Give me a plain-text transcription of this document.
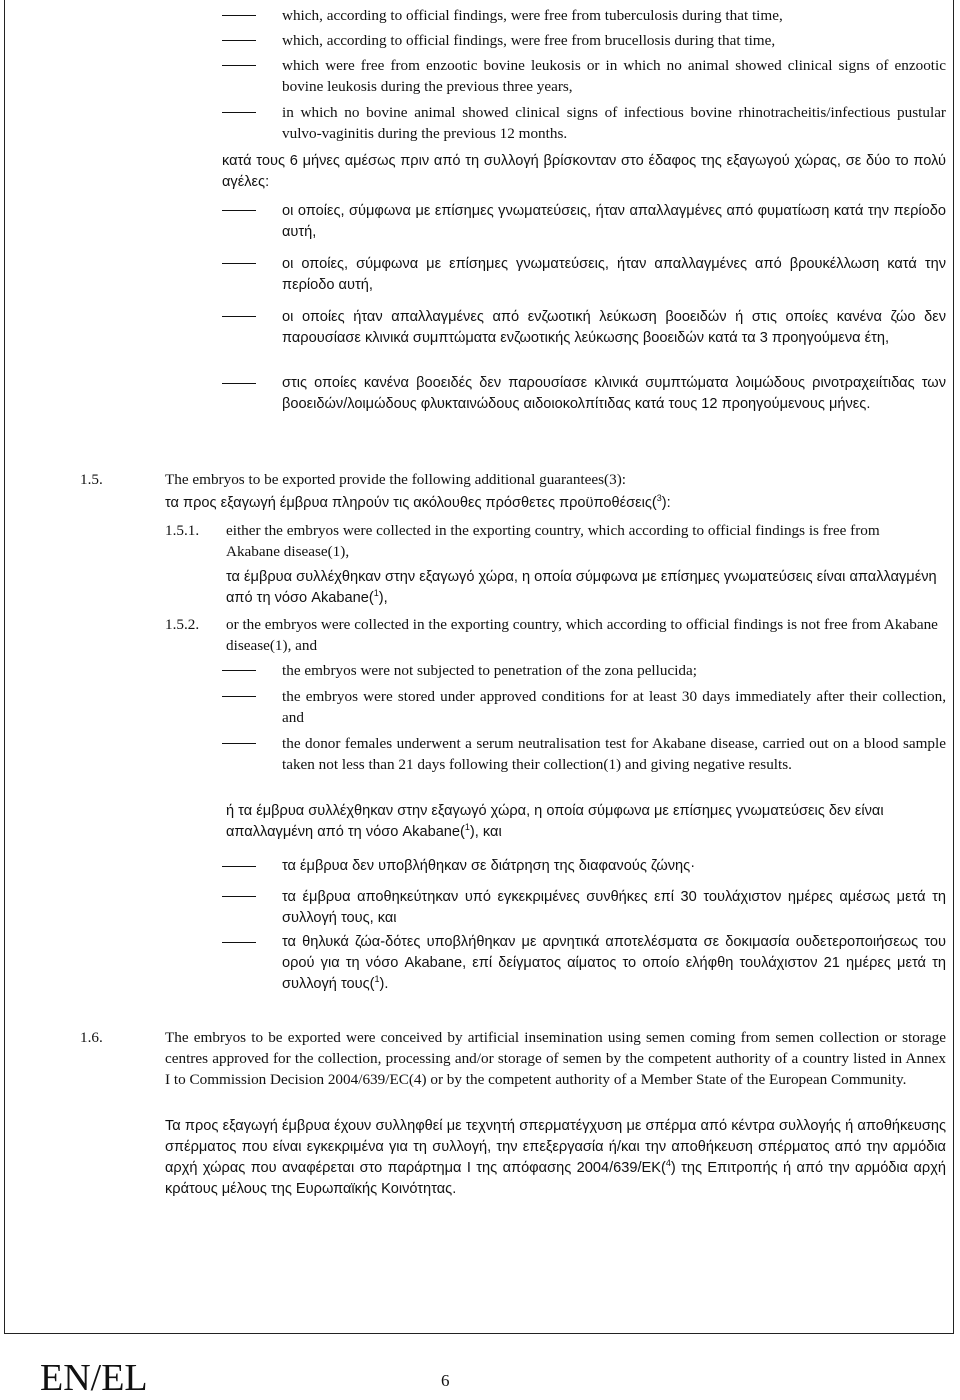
which, according to official findings, were free from tuberculosis during that time,
which, according to official findings, were free from brucellosis during that time,
which were free from enzootic bovine leukosis or in which no animal showed clinical signs of enzootic bovine leukosis during the previous three years,
in which no bovine animal showed clinical signs of infectious bovine rhinotracheitis/infectious pustular vulvo-vaginitis during the previous 12 months.
κατά τους 6 μήνες αμέσως πριν από τη συλλογή βρίσκονταν στο έδαφος της εξαγωγού χώρας, σε δύο το πολύ αγέλες:
οι οποίες, σύμφωνα με επίσημες γνωματεύσεις, ήταν απαλλαγμένες από φυματίωση κατά την περίοδο αυτή,
οι οποίες, σύμφωνα με επίσημες γνωματεύσεις, ήταν απαλλαγμένες από βρουκέλλωση κατά την περίοδο αυτή,
οι οποίες ήταν απαλλαγμένες από ενζωοτική λεύκωση βοοειδών ή στις οποίες κανένα ζώο δεν παρουσίασε κλινικά συμπτώματα ενζωοτικής λεύκωσης βοοειδών κατά τα 3 προηγούμενα έτη,
στις οποίες κανένα βοοειδές δεν παρουσίασε κλινικά συμπτώματα λοιμώδους ρινοτραχειίτιδας των βοοειδών/λοιμώδους φλυκταινώδους αιδοιοκολπίτιδας κατά τους 12 προηγούμενους μήνες.
1.5.	The embryos to be exported provide the following additional guarantees(3):
τα προς εξαγωγή έμβρυα πληρούν τις ακόλουθες πρόσθετες προϋποθέσεις($^3$):
1.5.1. either the embryos were collected in the exporting country, which according to official findings is free from Akabane disease(1),
τα έμβρυα συλλέχθηκαν στην εξαγωγό χώρα, η οποία σύμφωνα με επίσημες γνωματεύσεις είναι απαλλαγμένη από τη νόσο Akabane($^1$),
1.5.2. or the embryos were collected in the exporting country, which according to official findings is not free from Akabane disease(1), and
the embryos were not subjected to penetration of the zona pellucida;
the embryos were stored under approved conditions for at least 30 days immediately after their collection, and
the donor females underwent a serum neutralisation test for Akabane disease, carried out on a blood sample taken not less than 21 days following their collection(1) and giving negative results.
ή τα έμβρυα συλλέχθηκαν στην εξαγωγό χώρα, η οποία σύμφωνα με επίσημες γνωματεύσεις δεν είναι απαλλαγμένη από τη νόσο Akabane($^1$), και
τα έμβρυα δεν υποβλήθηκαν σε διάτρηση της διαφανούς ζώνης·
τα έμβρυα αποθηκεύτηκαν υπό εγκεκριμένες συνθήκες επί 30 τουλάχιστον ημέρες αμέσως μετά τη συλλογή τους, και
τα θηλυκά ζώα-δότες υποβλήθηκαν με αρνητικά αποτελέσματα σε δοκιμασία ουδετεροποιήσεως του ορού για τη νόσο Akabane, επί δείγματος αίματος το οποίο ελήφθη τουλάχιστον 21 ημέρες μετά τη συλλογή τους($^1$).
1.6.	The embryos to be exported were conceived by artificial insemination using semen coming from semen collection or storage centres approved for the collection, processing and/or storage of semen by the competent authority of a country listed in Annex I to Commission Decision 2004/639/EC(4) or by the competent authority of a Member State of the European Community.
Τα προς εξαγωγή έμβρυα έχουν συλληφθεί με τεχνητή σπερματέγχυση με σπέρμα από κέντρα συλλογής ή αποθήκευσης σπέρματος που είναι εγκεκριμένα για τη συλλογή, την επεξεργασία ή/και την αποθήκευση σπέρματος από την αρμόδια αρχή χώρας που αναφέρεται στο παράρτημα I της απόφασης 2004/639/ΕΚ($^4$) της Επιτροπής ή από την αρμόδια αρχή κράτους μέλους της Ευρωπαϊκής Κοινότητας.
EN/EL	6
